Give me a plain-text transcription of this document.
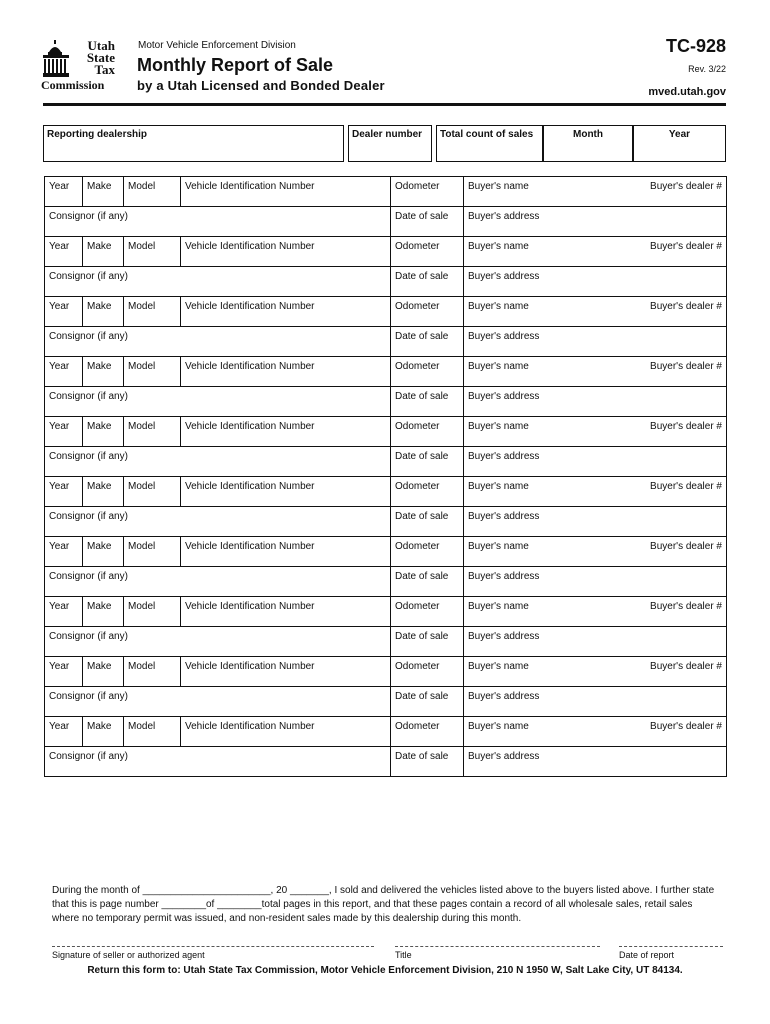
Utah
State
Tax
Commission
Motor Vehicle Enforcement Division
Monthly Report of Sale
by a Utah Licensed and Bonded Dealer
TC-928
Rev. 3/22
mved.utah.gov
Reporting dealership	Dealer number Total count of sales	Month	Year
Year	Make	Model	Vehicle Identification Number	Odometer	Buyer's name	Buyer's dealer #
Consignor (if any)				Date of sale	Buyer's address	
Year	Make	Model	Vehicle Identification Number	Odometer	Buyer's name	Buyer's dealer #
Consignor (if any)				Date of sale	Buyer's address	
Year	Make	Model	Vehicle Identification Number	Odometer	Buyer's name	Buyer's dealer #
Consignor (if any)				Date of sale	Buyer's address	
Year	Make	Model	Vehicle Identification Number	Odometer	Buyer's name	Buyer's dealer #
Consignor (if any)				Date of sale	Buyer's address	
Year	Make	Model	Vehicle Identification Number	Odometer	Buyer's name	Buyer's dealer #
Consignor (if any)				Date of sale	Buyer's address	
Year	Make	Model	Vehicle Identification Number	Odometer	Buyer's name	Buyer's dealer #
Consignor (if any)				Date of sale	Buyer's address	
Year	Make	Model	Vehicle Identification Number	Odometer	Buyer's name	Buyer's dealer #
Consignor (if any)				Date of sale	Buyer's address	
Year	Make	Model	Vehicle Identification Number	Odometer	Buyer's name	Buyer's dealer #
Consignor (if any)				Date of sale	Buyer's address	
Year	Make	Model	Vehicle Identification Number	Odometer	Buyer's name	Buyer's dealer #
Consignor (if any)				Date of sale	Buyer's address	
Year	Make	Model	Vehicle Identification Number	Odometer	Buyer's name	Buyer's dealer #
Consignor (if any)				Date of sale	Buyer's address	
During the month of _______________________, 20 _______, I sold and delivered the vehicles listed above to the buyers listed above. I further state that this is page number ________of ________total pages in this report, and that these pages contain a record of all wholesale sales, retail sales where no temporary permit was issued, and non-resident sales made by this dealership during this month.
Signature of seller or authorized agent	Title	Date of report
Return this form to: Utah State Tax Commission, Motor Vehicle Enforcement Division, 210 N 1950 W, Salt Lake City, UT 84134.
